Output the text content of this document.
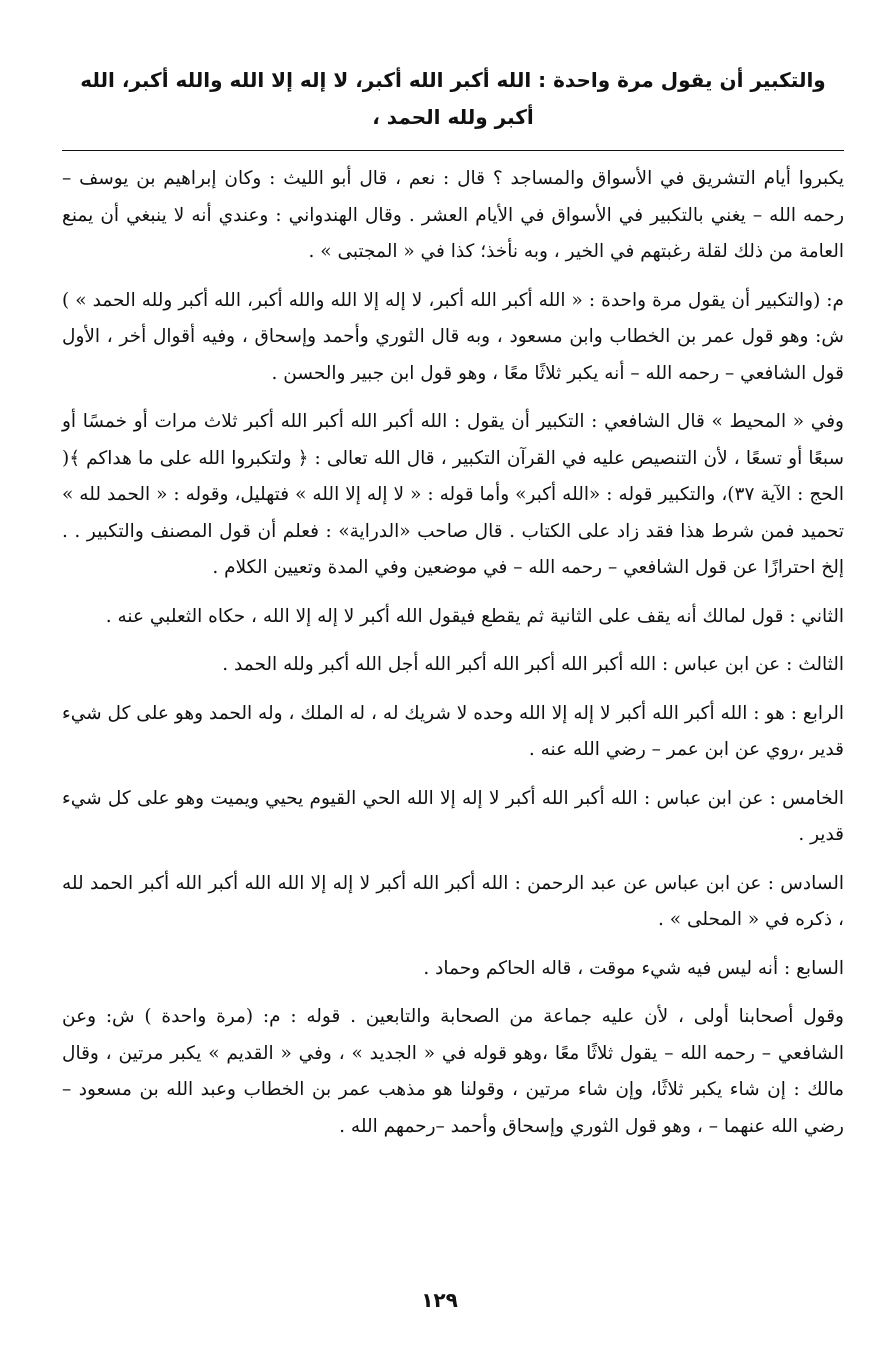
والتكبير أن يقول مرة واحدة : الله أكبر الله أكبر، لا إله إلا الله والله أكبر، الله أكبر ولله الحمد ،

يكبروا أيام التشريق في الأسواق والمساجد ؟ قال : نعم ، قال أبو الليث : وكان إبراهيم بن يوسف – رحمه الله – يغني بالتكبير في الأسواق في الأيام العشر . وقال الهندواني : وعندي أنه لا ينبغي أن يمنع العامة من ذلك لقلة رغبتهم في الخير ، وبه نأخذ؛ كذا في « المجتبى » .

م: (والتكبير أن يقول مرة واحدة : « الله أكبر الله أكبر، لا إله إلا الله والله أكبر، الله أكبر ولله الحمد » ) ش: وهو قول عمر بن الخطاب وابن مسعود ، وبه قال الثوري وأحمد وإسحاق ، وفيه أقوال أخر ، الأول قول الشافعي – رحمه الله – أنه يكبر ثلاثًا معًا ، وهو قول ابن جبير والحسن .

وفي « المحيط » قال الشافعي : التكبير أن يقول : الله أكبر الله أكبر الله أكبر ثلاث مرات أو خمسًا أو سبعًا أو تسعًا ، لأن التنصيص عليه في القرآن التكبير ، قال الله تعالى : ﴿ ولتكبروا الله على ما هداكم ﴾( الحج : الآية ٣٧)، والتكبير قوله : «الله أكبر» وأما قوله : « لا إله إلا الله » فتهليل، وقوله : « الحمد لله » تحميد فمن شرط هذا فقد زاد على الكتاب . قال صاحب «الدراية» : فعلم أن قول المصنف والتكبير . . إلخ احترازًا عن قول الشافعي – رحمه الله – في موضعين وفي المدة وتعيين الكلام .

الثاني : قول لمالك أنه يقف على الثانية ثم يقطع فيقول الله أكبر لا إله إلا الله ، حكاه الثعلبي عنه .

الثالث : عن ابن عباس : الله أكبر الله أكبر الله أكبر الله أجل الله أكبر ولله الحمد .

الرابع : هو : الله أكبر الله أكبر لا إله إلا الله وحده لا شريك له ، له الملك ، وله الحمد وهو على كل شيء قدير ،روي عن ابن عمر – رضي الله عنه .

الخامس : عن ابن عباس : الله أكبر الله أكبر لا إله إلا الله الحي القيوم يحيي ويميت وهو على كل شيء قدير .

السادس : عن ابن عباس عن عبد الرحمن : الله أكبر الله أكبر لا إله إلا الله الله أكبر الله أكبر الحمد لله ، ذكره في « المحلى » .

السابع : أنه ليس فيه شيء موقت ، قاله الحاكم وحماد .

وقول أصحابنا أولى ، لأن عليه جماعة من الصحابة والتابعين . قوله : م: (مرة واحدة ) ش: وعن الشافعي – رحمه الله – يقول ثلاثًا معًا ،وهو قوله في « الجديد » ، وفي « القديم » يكبر مرتين ، وقال مالك : إن شاء يكبر ثلاثًا، وإن شاء مرتين ، وقولنا هو مذهب عمر بن الخطاب وعبد الله بن مسعود – رضي الله عنهما – ، وهو قول الثوري وإسحاق وأحمد –رحمهم الله .

١٢٩
